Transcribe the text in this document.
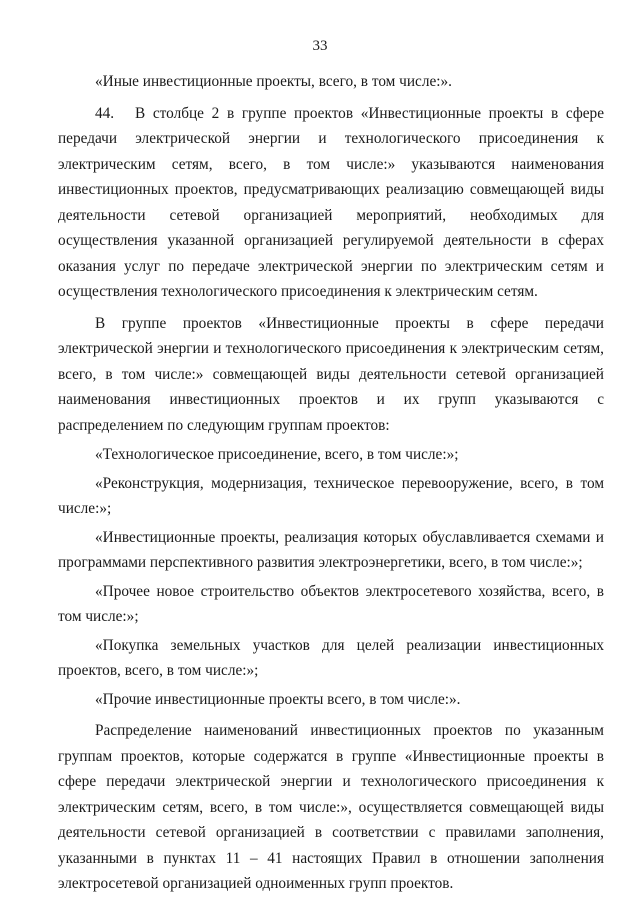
33

«Иные инвестиционные проекты, всего, в том числе:».

44. В столбце 2 в группе проектов «Инвестиционные проекты в сфере передачи электрической энергии и технологического присоединения к электрическим сетям, всего, в том числе:» указываются наименования инвестиционных проектов, предусматривающих реализацию совмещающей виды деятельности сетевой организацией мероприятий, необходимых для осуществления указанной организацией регулируемой деятельности в сферах оказания услуг по передаче электрической энергии по электрическим сетям и осуществления технологического присоединения к электрическим сетям.

В группе проектов «Инвестиционные проекты в сфере передачи электрической энергии и технологического присоединения к электрическим сетям, всего, в том числе:» совмещающей виды деятельности сетевой организацией наименования инвестиционных проектов и их групп указываются с распределением по следующим группам проектов:

«Технологическое присоединение, всего, в том числе:»;

«Реконструкция, модернизация, техническое перевооружение, всего, в том числе:»;

«Инвестиционные проекты, реализация которых обуславливается схемами и программами перспективного развития электроэнергетики, всего, в том числе:»;

«Прочее новое строительство объектов электросетевого хозяйства, всего, в том числе:»;

«Покупка земельных участков для целей реализации инвестиционных проектов, всего, в том числе:»;

«Прочие инвестиционные проекты всего, в том числе:».

Распределение наименований инвестиционных проектов по указанным группам проектов, которые содержатся в группе «Инвестиционные проекты в сфере передачи электрической энергии и технологического присоединения к электрическим сетям, всего, в том числе:», осуществляется совмещающей виды деятельности сетевой организацией в соответствии с правилами заполнения, указанными в пунктах 11 – 41 настоящих Правил в отношении заполнения электросетевой организацией одноименных групп проектов.
